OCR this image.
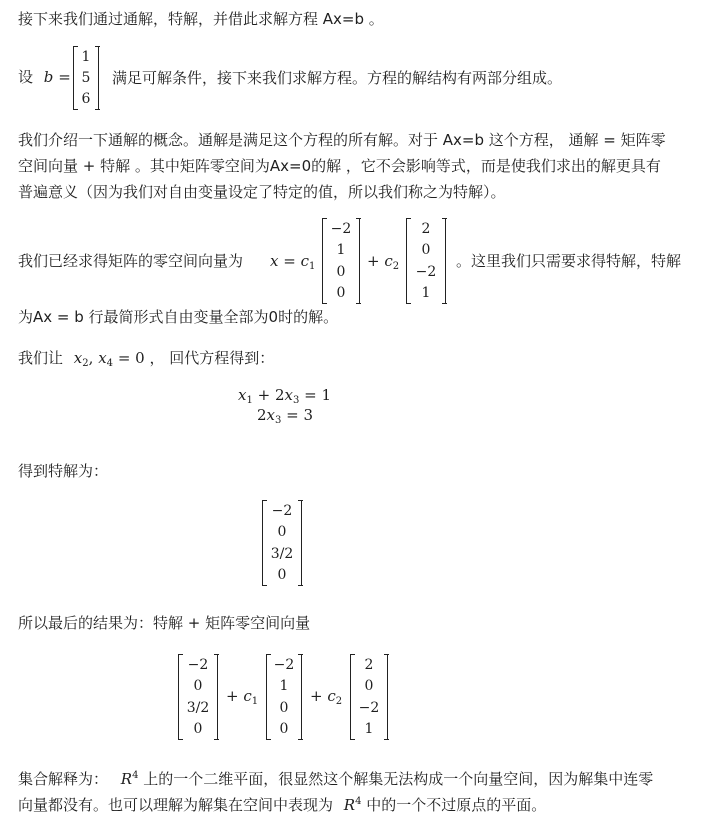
接下来我们通过通解，特解，并借此求解方程 Ax=b 。
设 b =
1
5
6
满足可解条件，接下来我们求解方程。方程的解结构有两部分组成。
我们介绍一下通解的概念。通解是满足这个方程的所有解。对于 Ax=b 这个方程， 通解 = 矩阵零
空间向量 + 特解 。其中矩阵零空间为Ax=0的解 ，它不会影响等式，而是使我们求出的解更具有
普遍意义（因为我们对自由变量设定了特定的值，所以我们称之为特解）。
我们已经求得矩阵的零空间向量为 $x = c_1$
−2
1
0
0
+ $c_2$
2
0
−2
1
。这里我们只需要求得特解，特解
为Ax = b 行最简形式自由变量全部为0时的解。
我们让 $x_2$, $x_4 = 0$ ， 回代方程得到：
$x_1 + 2x_3 = 1$
$2x_3 = 3$
得到特解为：
−2
0
3/2
0
所以最后的结果为：特解 + 矩阵零空间向量
−2
0
3/2
0
+ $c_1$
−2
1
0
0
+ $c_2$
2
0
−2
1
集合解释为： $R^4$ 上的一个二维平面，很显然这个解集无法构成一个向量空间，因为解集中连零
向量都没有。也可以理解为解集在空间中表现为 $R^4$ 中的一个不过原点的平面。
